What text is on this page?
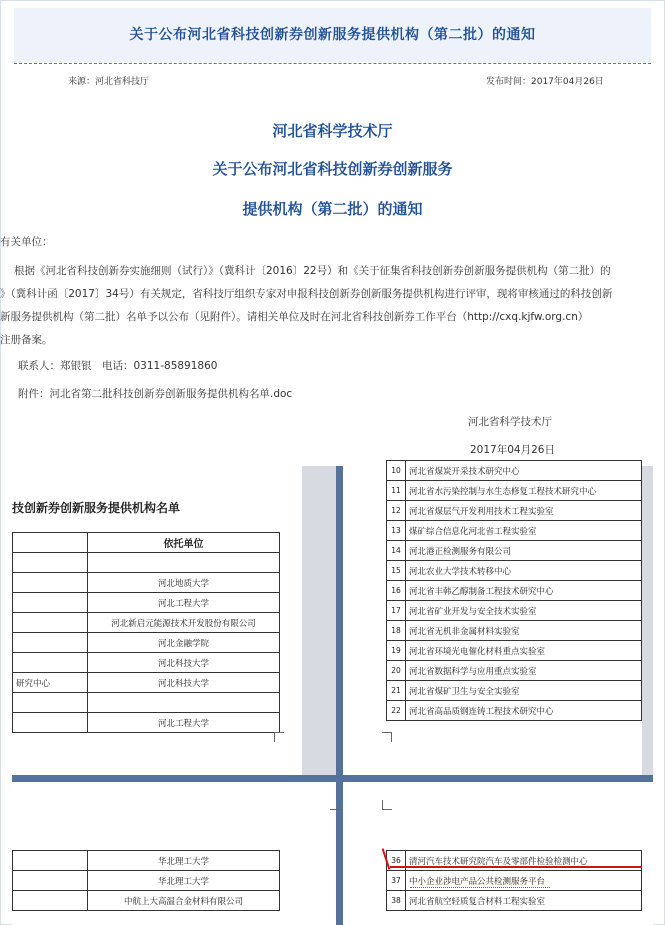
关于公布河北省科技创新券创新服务提供机构（第二批）的通知
来源：河北省科技厅	发布时间：2017年04月26日
河北省科学技术厅
关于公布河北省科技创新券创新服务
提供机构（第二批）的通知
有关单位：
根据《河北省科技创新券实施细则（试行）》（冀科计〔2016〕22号）和《关于征集省科技创新券创新服务提供机构（第二批）的
》（冀科计函〔2017〕34号）有关规定，省科技厅组织专家对申报科技创新券创新服务提供机构进行评审，现将审核通过的科技创新
新服务提供机构（第二批）名单予以公布（见附件）。请相关单位及时在河北省科技创新券工作平台（http://cxq.kjfw.org.cn）
注册备案。
联系人：郑银银　电话：0311-85891860
附件：河北省第二批科技创新券创新服务提供机构名单.doc
河北省科学技术厅
2017年04月26日
技创新券创新服务提供机构名单
	依托单位

	河北地质大学
	河北工程大学
	河北新启元能源技术开发股份有限公司
	河北金融学院
	河北科技大学
研究中心	河北科技大学

	河北工程大学
10	河北省煤炭开采技术研究中心
11	河北省水污染控制与水生态修复工程技术研究中心
12	河北省煤层气开发利用技术工程实验室
13	煤矿综合信息化河北省工程实验室
14	河北港正检测服务有限公司
15	河北农业大学技术转移中心
16	河北省丰韩乙醇制备工程技术研究中心
17	河北省矿业开发与安全技术实验室
18	河北省无机非金属材料实验室
19	河北省环境光电催化材料重点实验室
20	河北省数据科学与应用重点实验室
21	河北省煤矿卫生与安全实验室
22	河北省高品质钢连铸工程技术研究中心
	华北理工大学
	华北理工大学
	中航上大高温合金材料有限公司
36	清河汽车技术研究院汽车及零部件检验检测中心
37	中小企业涉电产品公共检测服务平台
38	河北省航空轻质复合材料工程实验室
